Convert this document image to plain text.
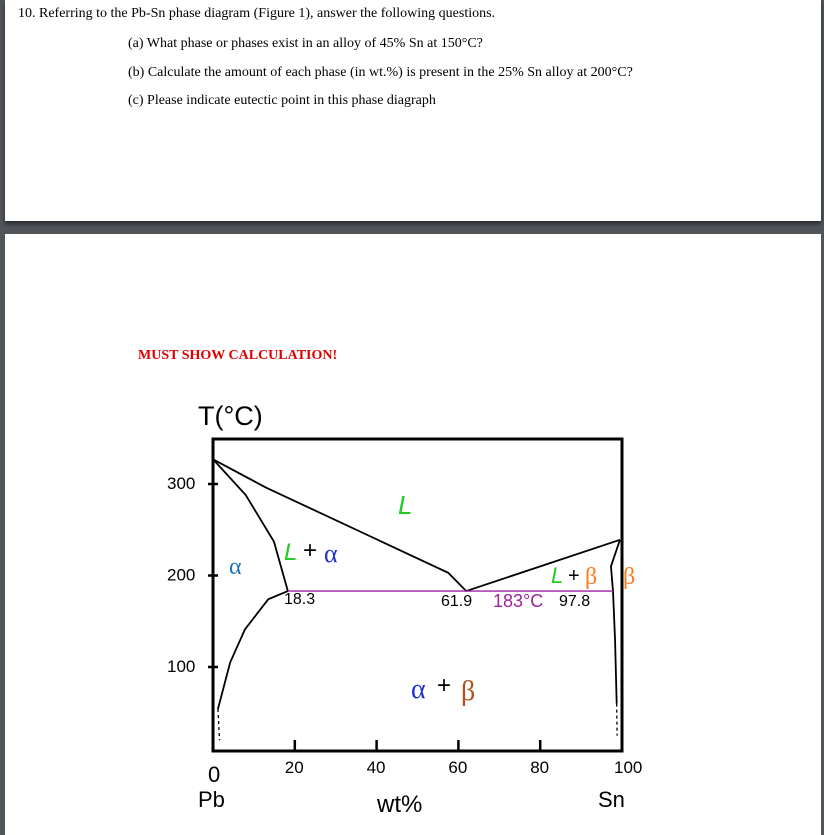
10. Referring to the Pb-Sn phase diagram (Figure 1), answer the following questions.
(a) What phase or phases exist in an alloy of 45% Sn at 150°C?
(b) Calculate the amount of each phase (in wt.%) is present in the 25% Sn alloy at 200°C?
(c) Please indicate eutectic point in this phase diagraph
MUST SHOW CALCULATION!
T(°C)
0	20	40	60	80	100
100
200
300
18.3	61.9 183°C 97.8
L
α
L + α
L + β β
α + β
Pb	wt%	Sn
